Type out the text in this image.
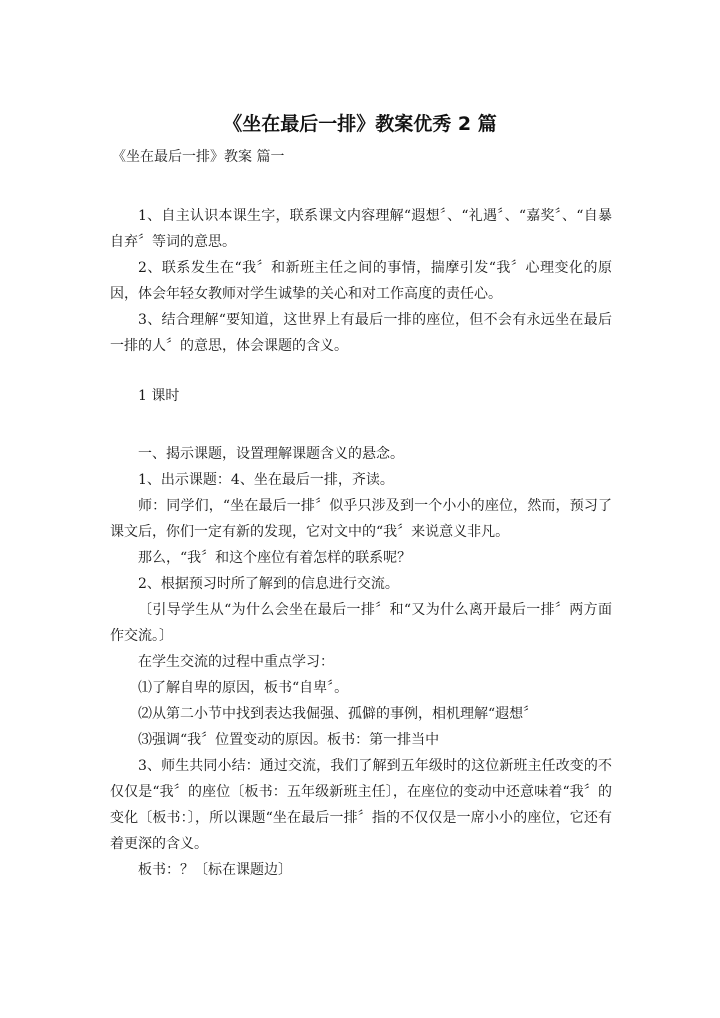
《坐在最后一排》教案优秀 2 篇
《坐在最后一排》教案 篇一

1、自主认识本课生字，联系课文内容理解“遐想〞、“礼遇〞、“嘉奖〞、“自暴自弃〞等词的意思。

2、联系发生在“我〞和新班主任之间的事情，揣摩引发“我〞心理变化的原因，体会年轻女教师对学生诚挚的关心和对工作高度的责任心。

3、结合理解“要知道，这世界上有最后一排的座位，但不会有永远坐在最后一排的人〞的意思，体会课题的含义。

1 课时

一、揭示课题，设置理解课题含义的悬念。

1、出示课题：4、坐在最后一排，齐读。

师：同学们，“坐在最后一排〞似乎只涉及到一个小小的座位，然而，预习了课文后，你们一定有新的发现，它对文中的“我〞来说意义非凡。

那么，“我〞和这个座位有着怎样的联系呢？

2、根据预习时所了解到的信息进行交流。

〔引导学生从“为什么会坐在最后一排〞和“又为什么离开最后一排〞两方面作交流。〕

在学生交流的过程中重点学习：

⑴了解自卑的原因，板书“自卑〞。

⑵从第二小节中找到表达我倔强、孤僻的事例，相机理解“遐想〞

⑶强调“我〞位置变动的原因。板书：第一排当中

3、师生共同小结：通过交流，我们了解到五年级时的这位新班主任改变的不仅仅是“我〞的座位〔板书：五年级新班主任〕，在座位的变动中还意味着“我〞的变化〔板书：〕，所以课题“坐在最后一排〞指的不仅仅是一席小小的座位，它还有着更深的含义。

板书：？〔标在课题边〕
